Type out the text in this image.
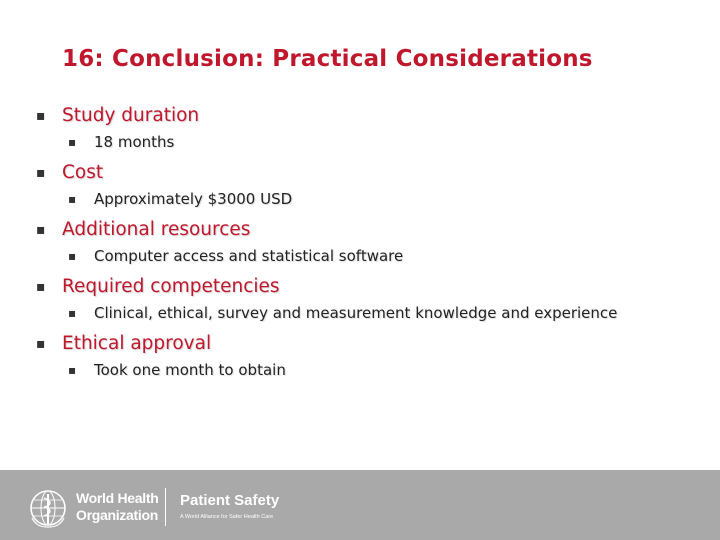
16: Conclusion: Practical Considerations
▪ Study duration
▪ 18 months
▪ Cost
▪ Approximately $3000 USD
▪ Additional resources
▪ Computer access and statistical software
▪ Required competencies
▪ Clinical, ethical, survey and measurement knowledge and experience
▪ Ethical approval
▪ Took one month to obtain
World Health
Organization
Patient Safety
A World Alliance for Safer Health Care
